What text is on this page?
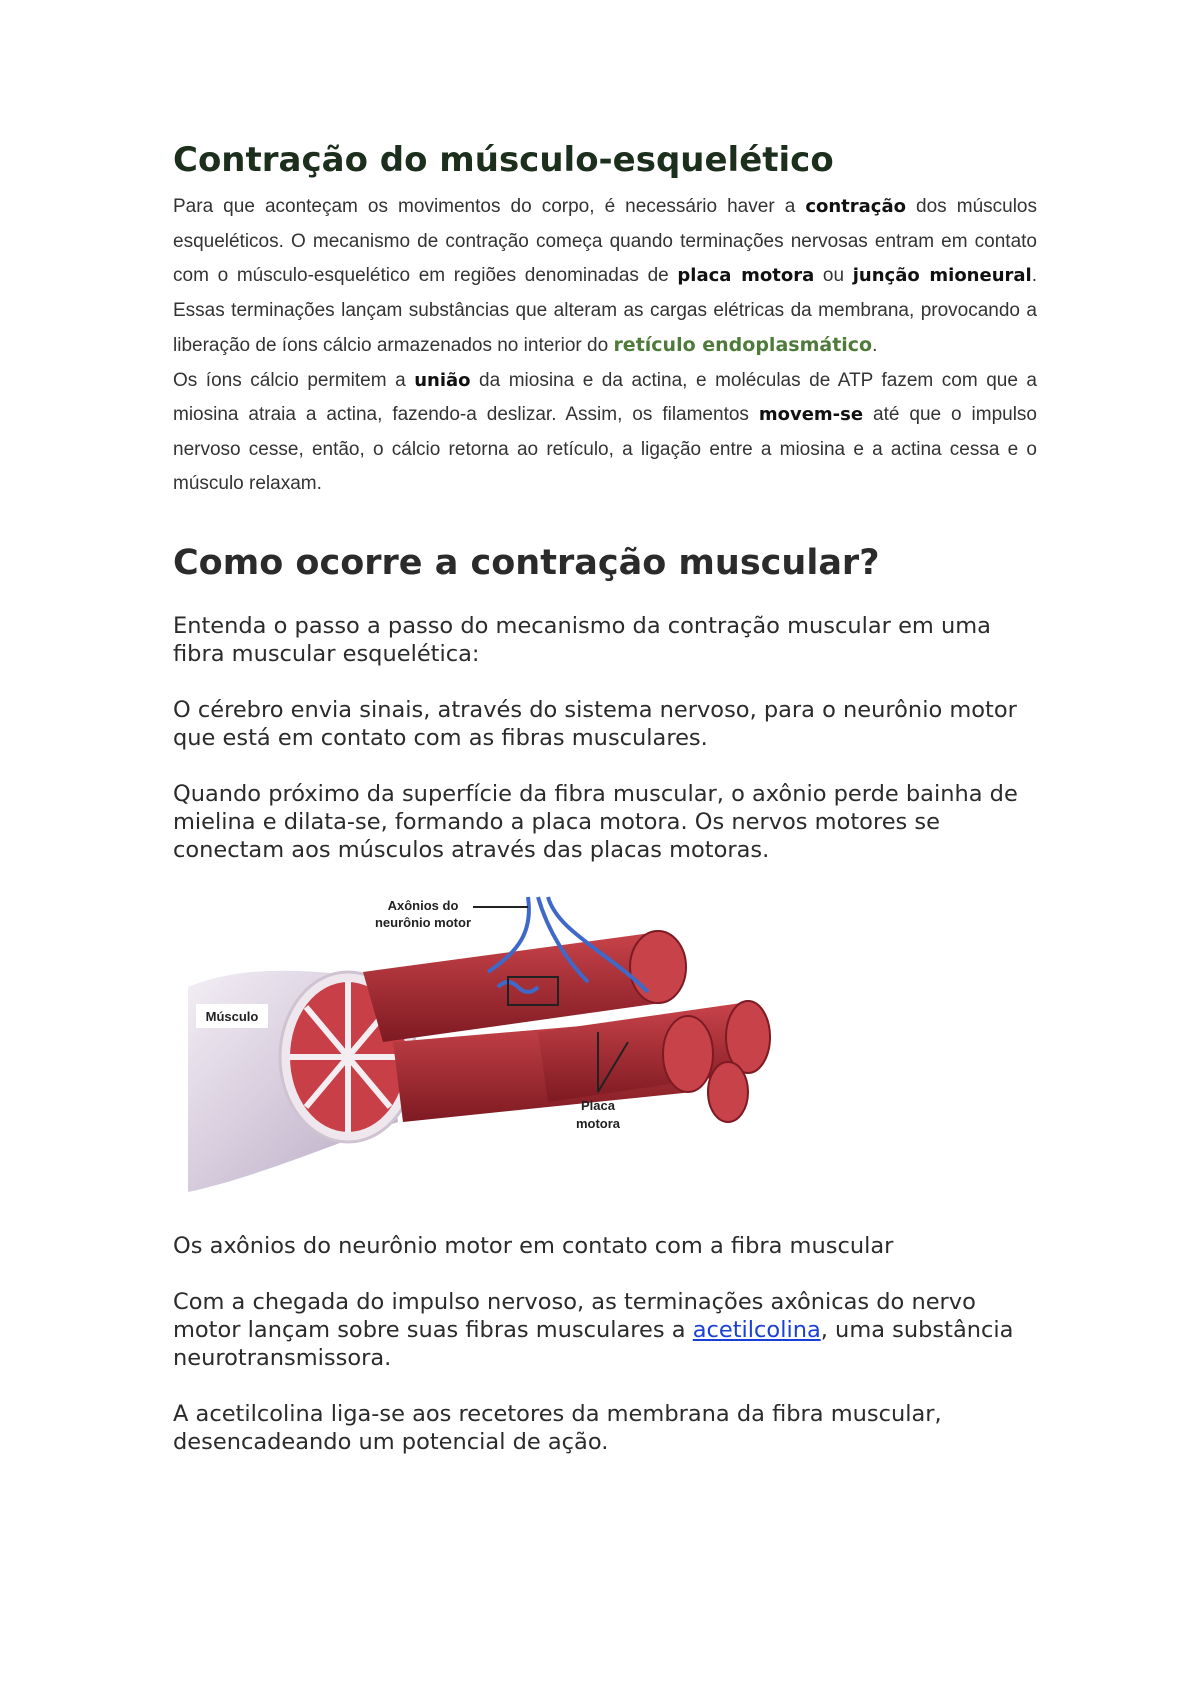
Contração do músculo-esquelético

Para que aconteçam os movimentos do corpo, é necessário haver a contração dos músculos esqueléticos. O mecanismo de contração começa quando terminações nervosas entram em contato com o músculo-esquelético em regiões denominadas de placa motora ou junção mioneural. Essas terminações lançam substâncias que alteram as cargas elétricas da membrana, provocando a liberação de íons cálcio armazenados no interior do retículo endoplasmático.

Os íons cálcio permitem a união da miosina e da actina, e moléculas de ATP fazem com que a miosina atraia a actina, fazendo-a deslizar. Assim, os filamentos movem-se até que o impulso nervoso cesse, então, o cálcio retorna ao retículo, a ligação entre a miosina e a actina cessa e o músculo relaxam.

Como ocorre a contração muscular?

Entenda o passo a passo do mecanismo da contração muscular em uma fibra muscular esquelética:

O cérebro envia sinais, através do sistema nervoso, para o neurônio motor que está em contato com as fibras musculares.

Quando próximo da superfície da fibra muscular, o axônio perde bainha de mielina e dilata-se, formando a placa motora. Os nervos motores se conectam aos músculos através das placas motoras.

Axônios do
neurônio motor
Músculo
Placa
motora

Os axônios do neurônio motor em contato com a fibra muscular

Com a chegada do impulso nervoso, as terminações axônicas do nervo motor lançam sobre suas fibras musculares a acetilcolina, uma substância neurotransmissora.

A acetilcolina liga-se aos recetores da membrana da fibra muscular, desencadeando um potencial de ação.
